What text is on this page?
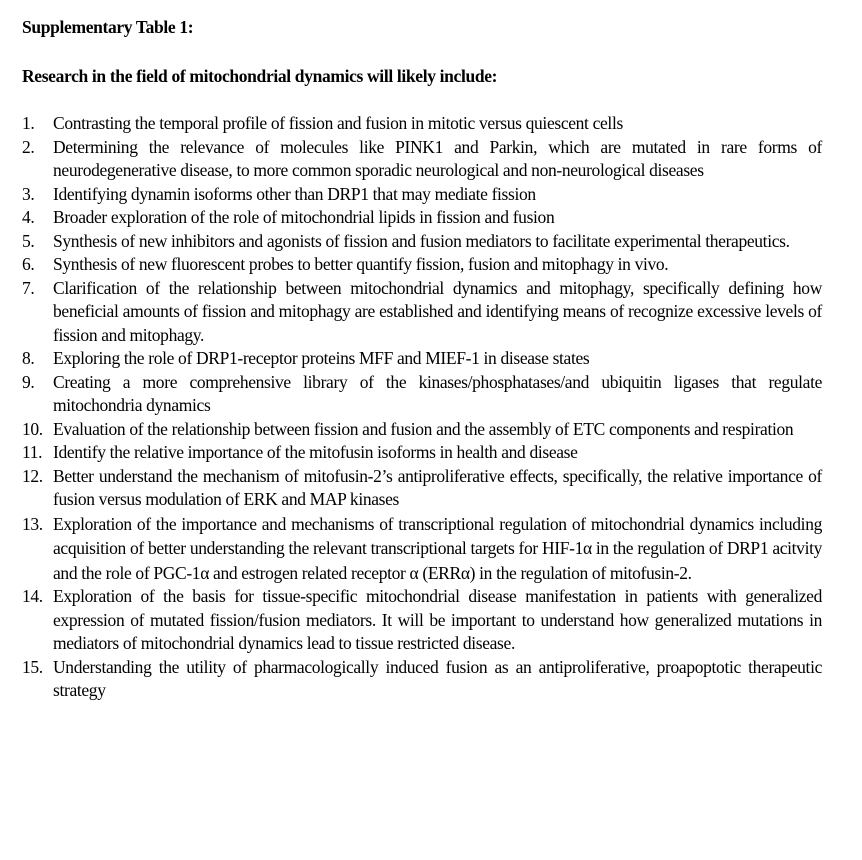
Supplementary Table 1:
Research in the field of mitochondrial dynamics will likely include:
1.	Contrasting the temporal profile of fission and fusion in mitotic versus quiescent cells
2.	Determining the relevance of molecules like PINK1 and Parkin, which are mutated in rare forms of neurodegenerative disease, to more common sporadic neurological and non-neurological diseases
3.	Identifying dynamin isoforms other than DRP1 that may mediate fission
4.	Broader exploration of the role of mitochondrial lipids in fission and fusion
5.	Synthesis of new inhibitors and agonists of fission and fusion mediators to facilitate experimental therapeutics.
6.	Synthesis of new fluorescent probes to better quantify fission, fusion and mitophagy in vivo.
7.	Clarification of the relationship between mitochondrial dynamics and mitophagy, specifically defining how beneficial amounts of fission and mitophagy are established and identifying means of recognize excessive levels of fission and mitophagy.
8.	Exploring the role of DRP1-receptor proteins MFF and MIEF-1 in disease states
9.	Creating a more comprehensive library of the kinases/phosphatases/and ubiquitin ligases that regulate mitochondria dynamics
10. Evaluation of the relationship between fission and fusion and the assembly of ETC components and respiration
11. Identify the relative importance of the mitofusin isoforms in health and disease
12. Better understand the mechanism of mitofusin-2’s antiproliferative effects, specifically, the relative importance of fusion versus modulation of ERK and MAP kinases
13. Exploration of the importance and mechanisms of transcriptional regulation of mitochondrial dynamics including acquisition of better understanding the relevant transcriptional targets for HIF-1α in the regulation of DRP1 acitvity and the role of PGC-1α and estrogen related receptor α (ERRα) in the regulation of mitofusin-2.
14. Exploration of the basis for tissue-specific mitochondrial disease manifestation in patients with generalized expression of mutated fission/fusion mediators. It will be important to understand how generalized mutations in mediators of mitochondrial dynamics lead to tissue restricted disease.
15. Understanding the utility of pharmacologically induced fusion as an antiproliferative, proapoptotic therapeutic strategy
